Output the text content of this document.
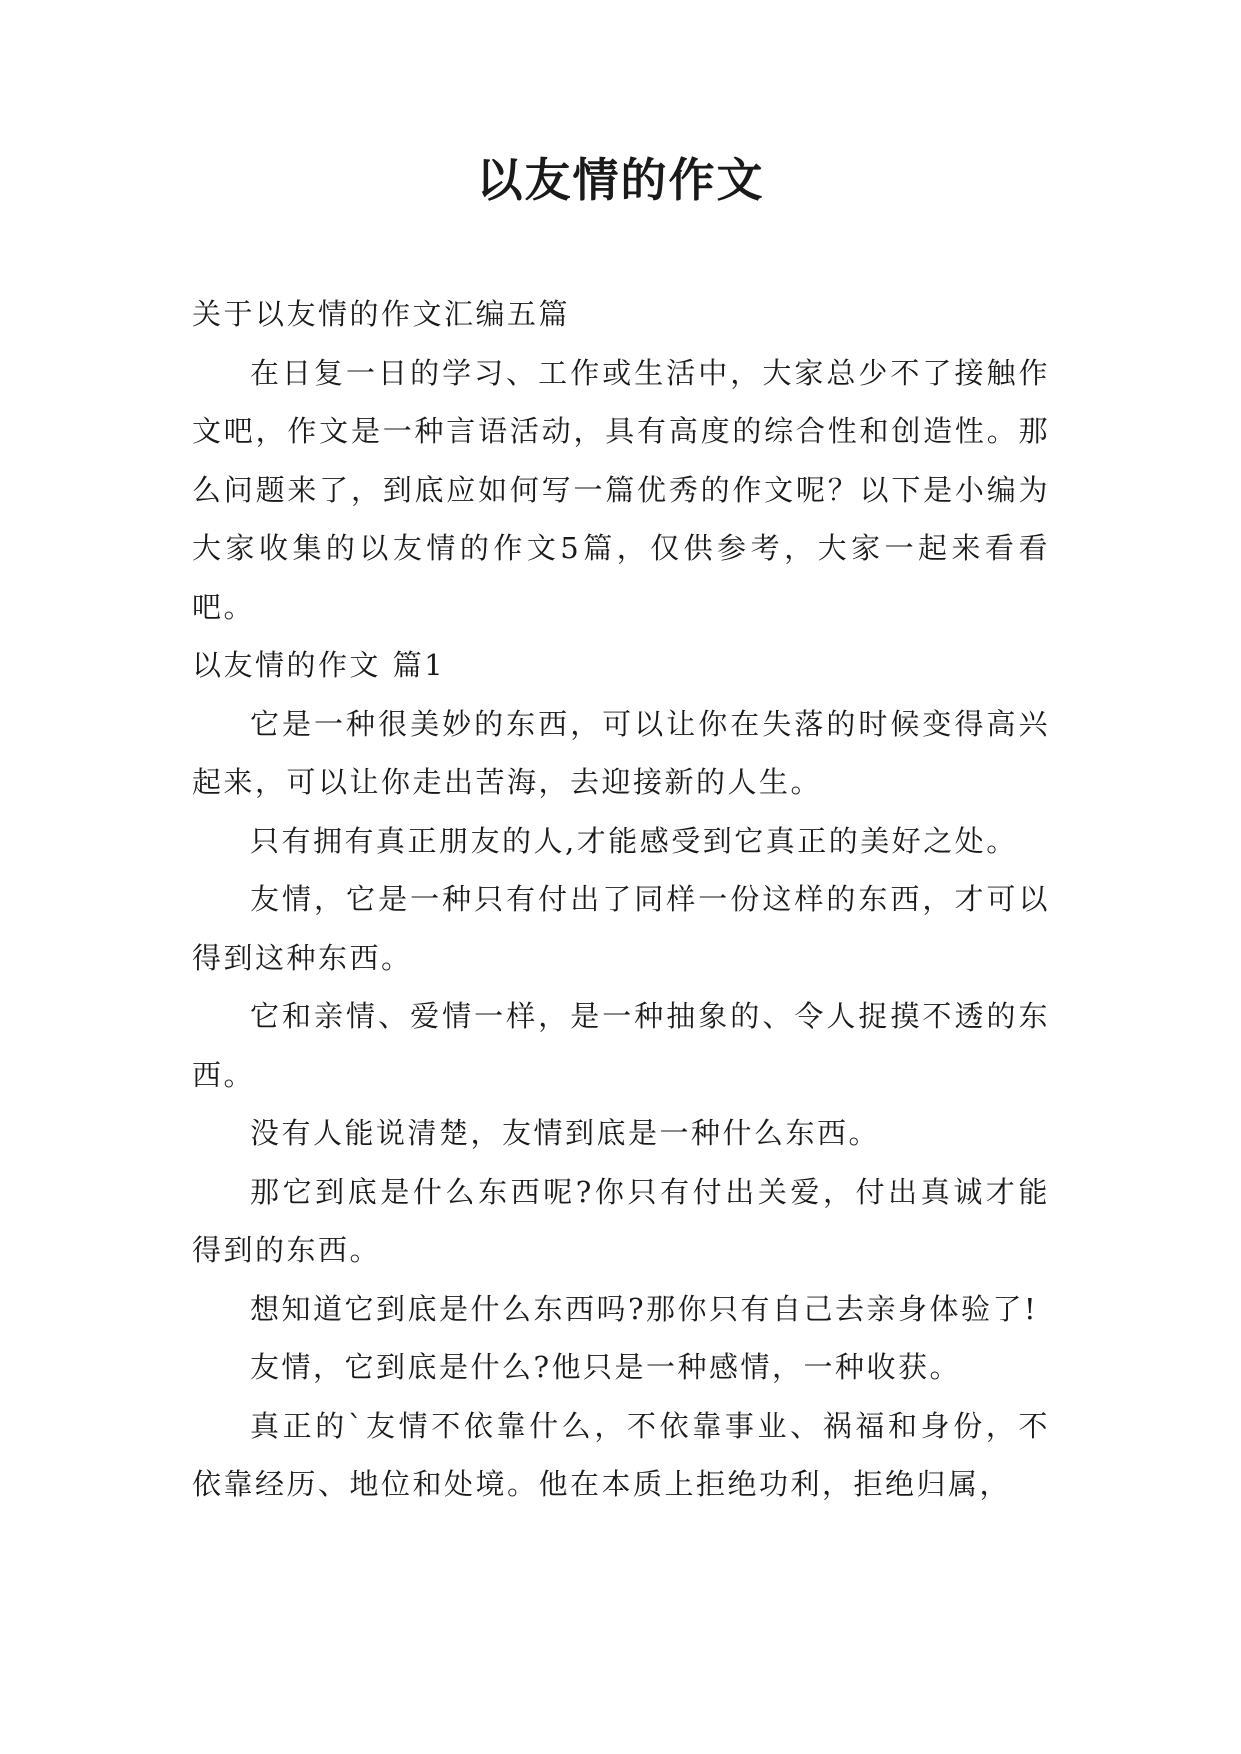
以友情的作文

关于以友情的作文汇编五篇

在日复一日的学习、工作或生活中，大家总少不了接触作文吧，作文是一种言语活动，具有高度的综合性和创造性。那么问题来了，到底应如何写一篇优秀的作文呢？以下是小编为大家收集的以友情的作文5篇，仅供参考，大家一起来看看吧。

以友情的作文 篇1

它是一种很美妙的东西，可以让你在失落的时候变得高兴起来，可以让你走出苦海，去迎接新的人生。

只有拥有真正朋友的人,才能感受到它真正的美好之处。

友情，它是一种只有付出了同样一份这样的东西，才可以得到这种东西。

它和亲情、爱情一样，是一种抽象的、令人捉摸不透的东西。

没有人能说清楚，友情到底是一种什么东西。

那它到底是什么东西呢?你只有付出关爱，付出真诚才能得到的东西。

想知道它到底是什么东西吗?那你只有自己去亲身体验了!

友情，它到底是什么?他只是一种感情，一种收获。

真正的`友情不依靠什么，不依靠事业、祸福和身份，不依靠经历、地位和处境。他在本质上拒绝功利，拒绝归属，
